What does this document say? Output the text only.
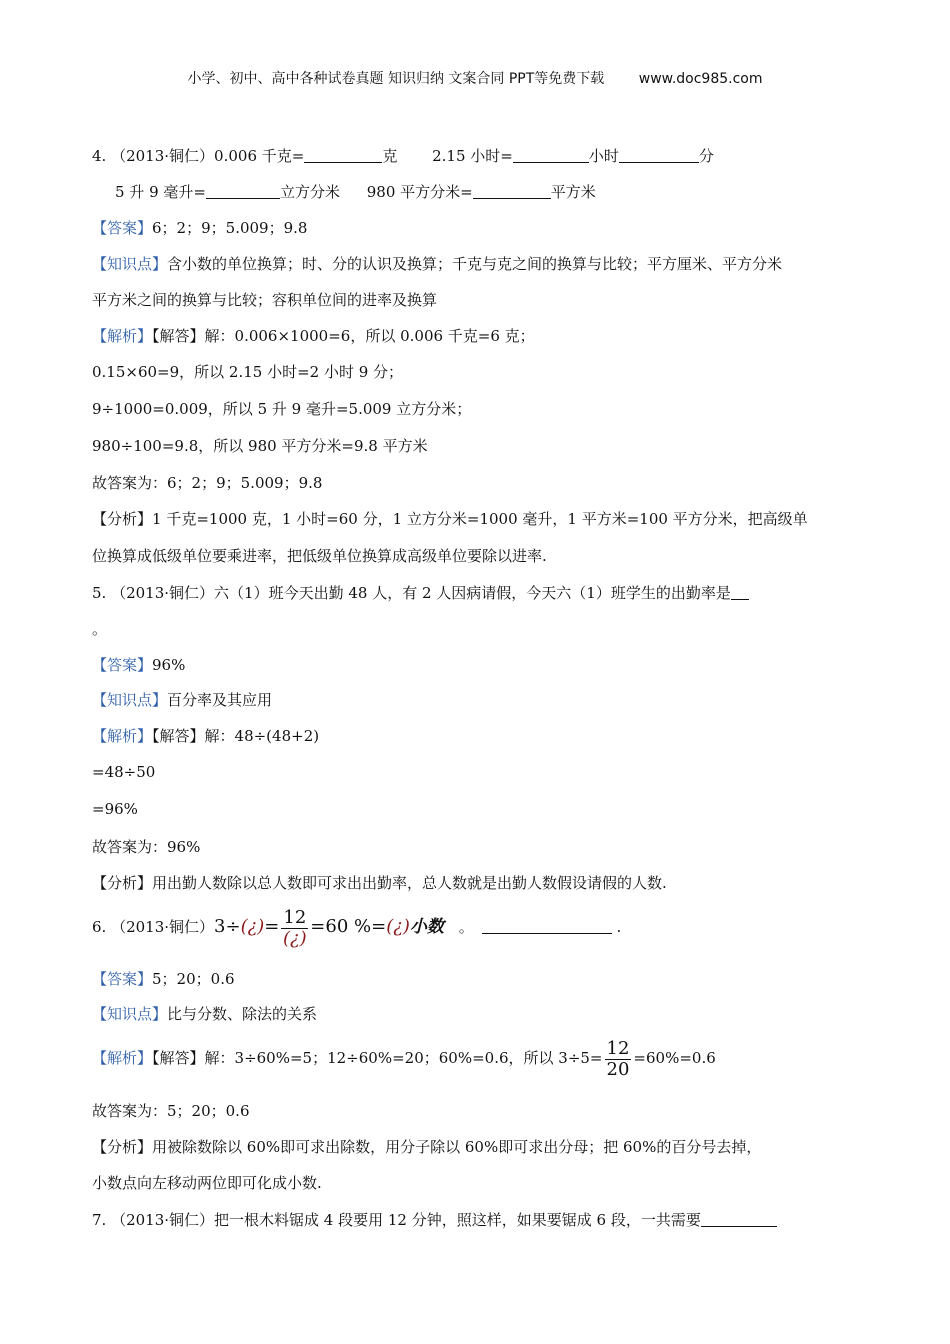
小学、初中、高中各种试卷真题 知识归纳 文案合同 PPT等免费下载 www.doc985.com
4. （2013·铜仁）0.006 千克=	克 2.15 小时=	小时	分
5 升 9 毫升=	立方分米 980 平方分米=	平方米
【答案】6；2；9；5.009；9.8
【知识点】含小数的单位换算；时、分的认识及换算；千克与克之间的换算与比较；平方厘米、平方分米
平方米之间的换算与比较；容积单位间的进率及换算
【解析】【解答】解：0.006×1000=6，所以 0.006 千克=6 克；
0.15×60=9，所以 2.15 小时=2 小时 9 分；
9÷1000=0.009，所以 5 升 9 毫升=5.009 立方分米；
980÷100=9.8，所以 980 平方分米=9.8 平方米
故答案为：6；2；9；5.009；9.8
【分析】1 千克=1000 克，1 小时=60 分，1 立方分米=1000 毫升，1 平方米=100 平方分米，把高级单
位换算成低级单位要乘进率，把低级单位换算成高级单位要除以进率.
5. （2013·铜仁）六（1）班今天出勤 48 人，有 2 人因病请假，今天六（1）班学生的出勤率是
。
【答案】96%
【知识点】百分率及其应用
【解析】【解答】解：48÷(48+2)
=48÷50
=96%
故答案为：96%
【分析】用出勤人数除以总人数即可求出出勤率，总人数就是出勤人数假设请假的人数.
6. （2013·铜仁）3÷(¿)= $\frac{12}{(¿)} =60$ %=(¿)小数 。	.
【答案】5；20；0.6
【知识点】比与分数、除法的关系
【解析】【解答】解：3÷60%=5；12÷60%=20；60%=0.6，所以 $3\div 5= \frac{12}{20} =60\%=0.6$
故答案为：5；20；0.6
【分析】用被除数除以 60%即可求出除数，用分子除以 60%即可求出分母；把 60%的百分号去掉，
小数点向左移动两位即可化成小数.
7. （2013·铜仁）把一根木料锯成 4 段要用 12 分钟，照这样，如果要锯成 6 段，一共需要
